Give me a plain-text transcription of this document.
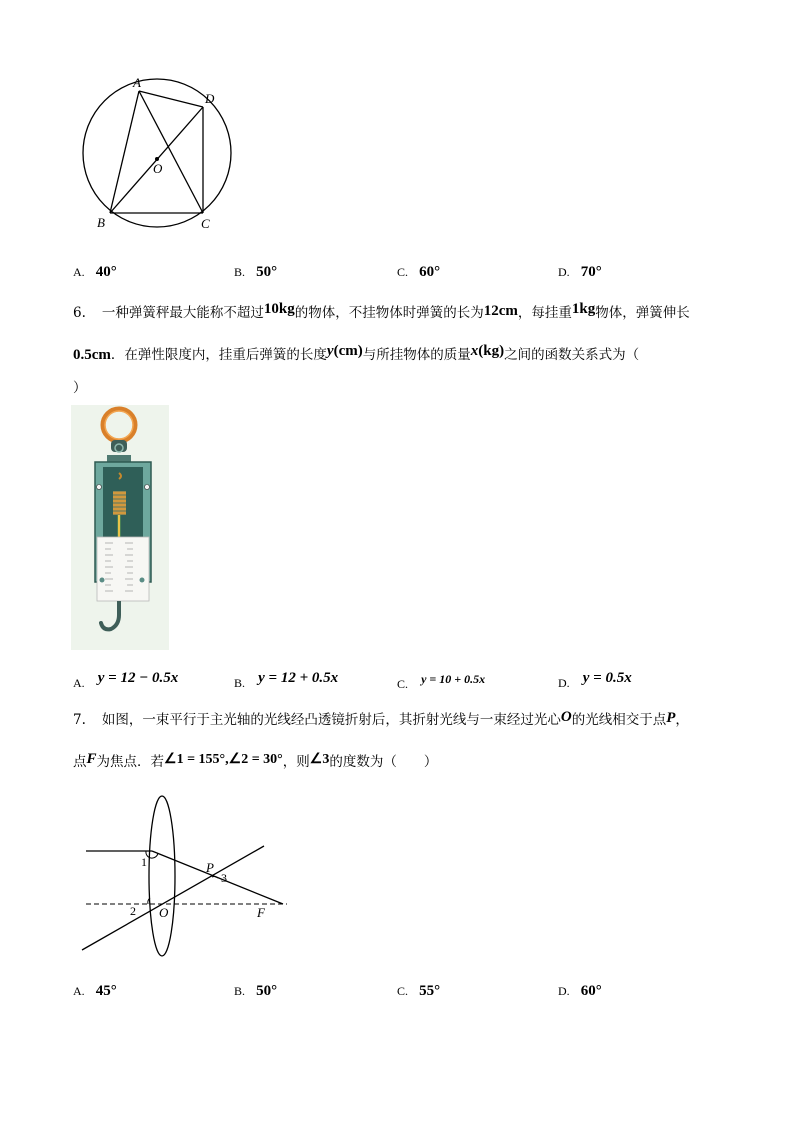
A
D
O
B	C
A. 40°	B. 50°	C. 60°	D. 70°
6. 一种弹簧秤最大能称不超过10kg的物体，不挂物体时弹簧的长为12cm，每挂重1kg物体，弹簧伸长
0.5cm．在弹性限度内，挂重后弹簧的长度y(cm)与所挂物体的质量x(kg)之间的函数关系式为（
）
$_{A.}$ y = 12 − 0.5x	$_{B.}$ y = 12 + 0.5x	$_{C.}$ y = 10 + 0.5x	$_{D.}$ y = 0.5x
7. 如图，一束平行于主光轴的光线经凸透镜折射后，其折射光线与一束经过光心O的光线相交于点P，
点F为焦点．若∠1 = 155°,∠2 = 30°，则∠3的度数为（　　）
1
2
3
O
P
F
A. 45°	B. 50°	C. 55°	D. 60°
